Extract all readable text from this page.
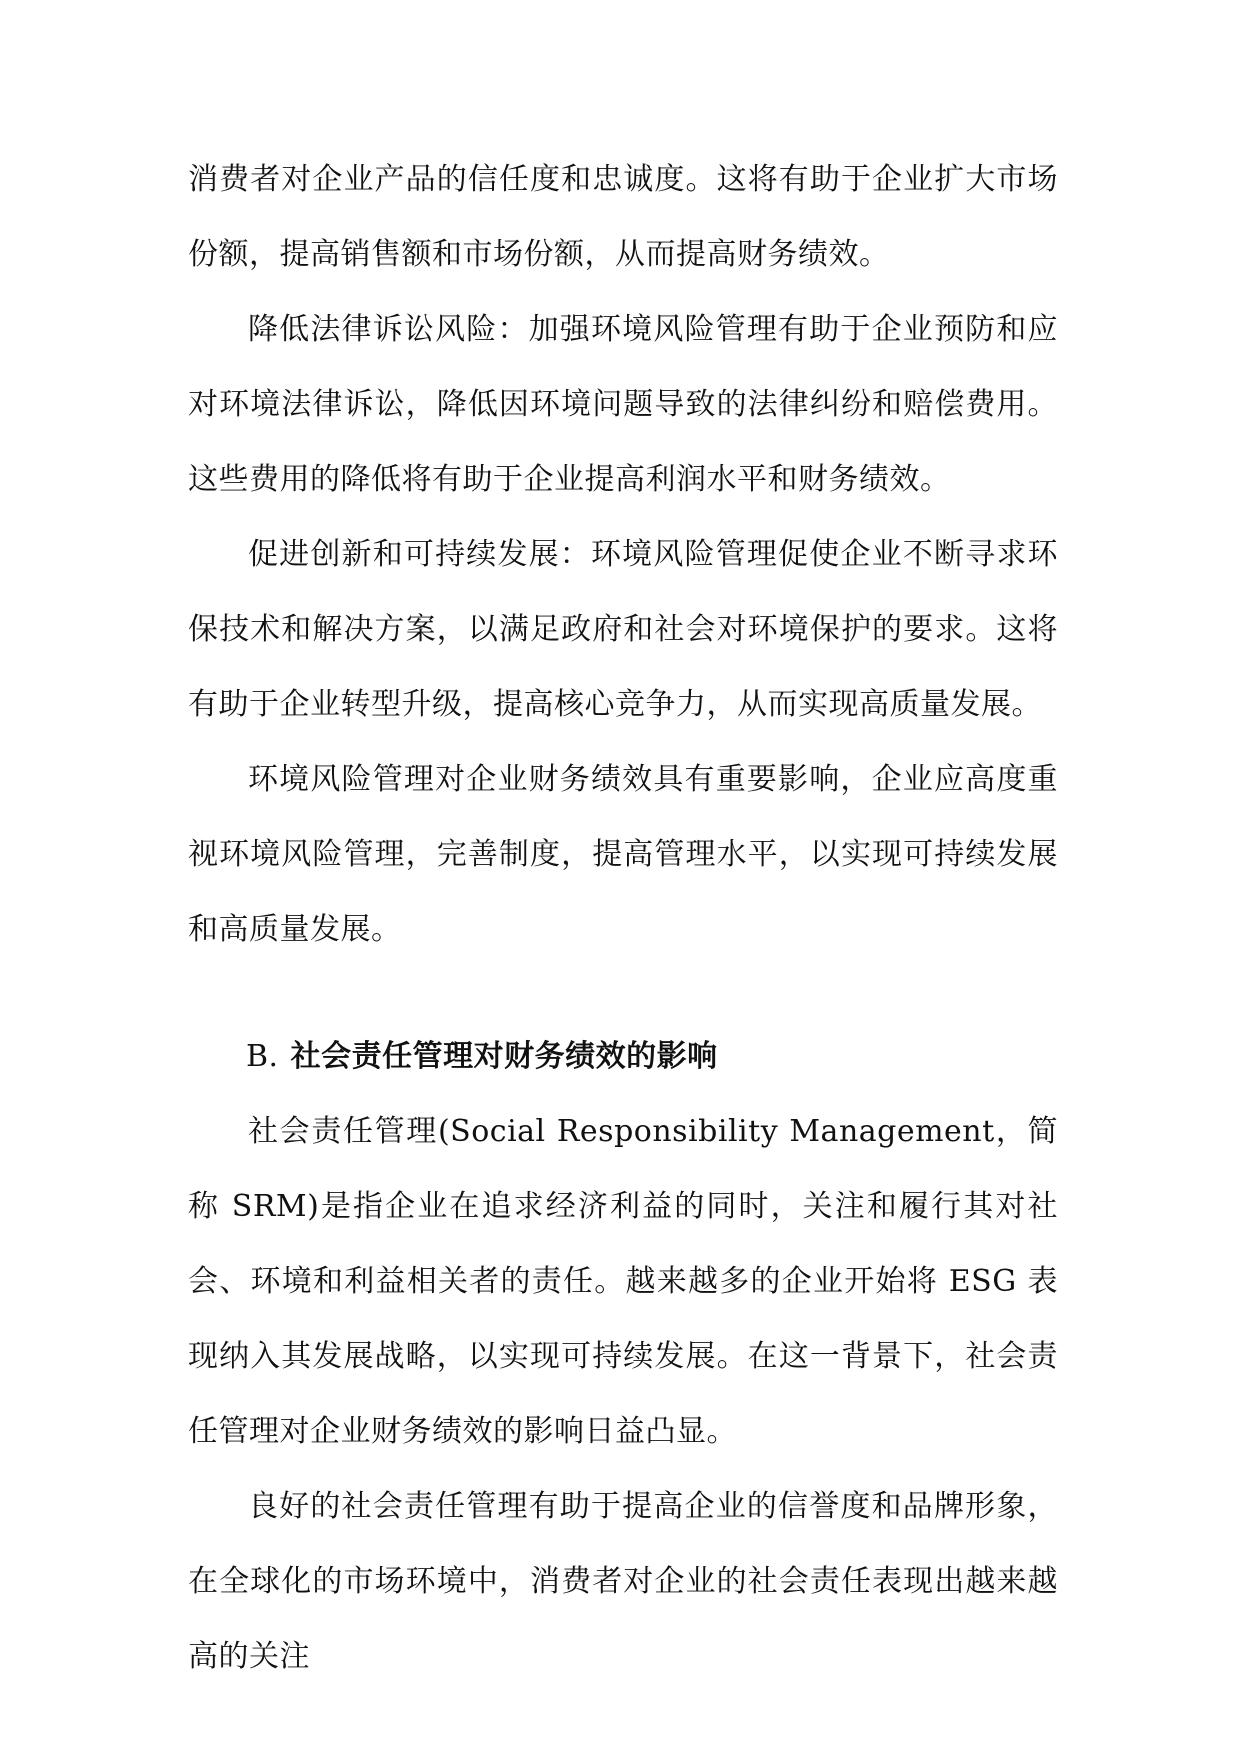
消费者对企业产品的信任度和忠诚度。这将有助于企业扩大市场份额，提高销售额和市场份额，从而提高财务绩效。

降低法律诉讼风险：加强环境风险管理有助于企业预防和应对环境法律诉讼，降低因环境问题导致的法律纠纷和赔偿费用。这些费用的降低将有助于企业提高利润水平和财务绩效。

促进创新和可持续发展：环境风险管理促使企业不断寻求环保技术和解决方案，以满足政府和社会对环境保护的要求。这将有助于企业转型升级，提高核心竞争力，从而实现高质量发展。

环境风险管理对企业财务绩效具有重要影响，企业应高度重视环境风险管理，完善制度，提高管理水平，以实现可持续发展和高质量发展。

B. 社会责任管理对财务绩效的影响

社会责任管理(Social Responsibility Management，简称 SRM)是指企业在追求经济利益的同时，关注和履行其对社会、环境和利益相关者的责任。越来越多的企业开始将 ESG 表现纳入其发展战略，以实现可持续发展。在这一背景下，社会责任管理对企业财务绩效的影响日益凸显。

良好的社会责任管理有助于提高企业的信誉度和品牌形象，在全球化的市场环境中，消费者对企业的社会责任表现出越来越高的关注
